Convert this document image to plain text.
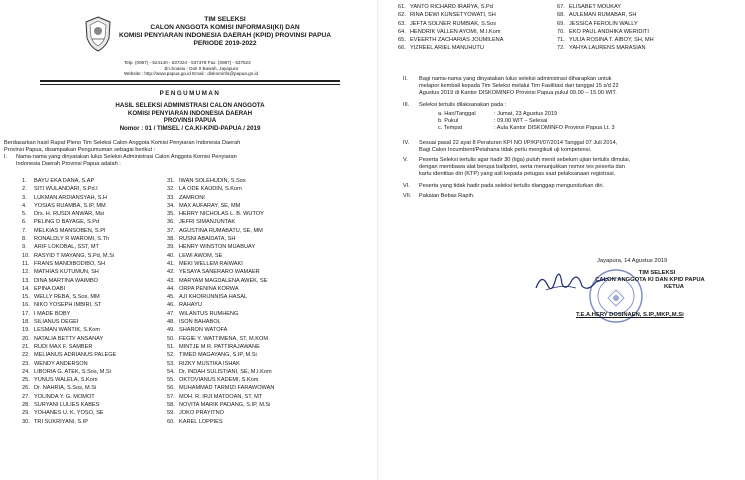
TIM SELEKSI
CALON ANGGOTA KOMISI INFORMASI(KI) DAN
KOMISI PENYIARAN INDONESIA DAERAH (KPID) PROVINSI PAPUA
PERIODE 2019-2022
Telp. (0967) - 524140 - 537324 - 537378 Fax. (0967) - 537523
Jln.Soasiu - Dok II Bawah, Jayapura
Website : http://www.papua.go.id Email : diskominfo@papua.go.id
PENGUMUMAN
HASIL SELEKSI ADMINISTRASI CALON ANGGOTA
KOMISI PENYIARAN INDONESIA DAERAH
PROVINSI PAPUA
Nomor : 01 / TIMSEL / CA.KI-KPID-PAPUA / 2019
Berdasarkan hasil Rapat Pleno Tim Seleksi Calon Anggota Komisi Penyiaran Indonesia Daerah
Provinsi Papua, disampaikan Pengumuman sebagai berikut :
I. Nama-nama yang dinyatakan lulus Seleksi Administrasi Calon Anggota Komisi Penyiaran
Indonesia Daerah Provinsi Papua adalah :
1. BAYU EKA DANA, S.AP
2. SITI WULANDARI, S.Pd.I
3. LUKMAN ARDIANSYAH, S.H
4. YOSIAS RUAMBA, S.IP, MM
5. Drs. H. RUSDI ANWAR, Msi
6. PELING D BAYAGE, S.Pd
7. MELKIAS MANSOBEN, S.PI
8. RONALDLY R WAROMI, S.Th
9. ARIF LOKOBAL, SST, MT
10. RASYID T MAYANG, S.Pd, M.Si
11. FRANS MANDIBODIBO, SH
12. MATHIAS KUTUMUN, SH
13. DINA MARTINA WAIMBO
14. EPINA DABI
15. WELLY REBA, S.Sos, MM
16. NIKO YOSEPH IMBIRI, ST
17. I MADE BOBY
18. SILIANUS DEGEI
19. LESMAN WANTIK, S.Kom
20. NATALIA BETTY ANSANAY
21. RUDI MAX F. SAMBER
22. MELIANUS ADRIANUS PALEGE
23. WENDY ANDERSON
24. LIBORIA G. ATEK, S.Sos, M.Si
25. YUNUS WALELA, S.Kom
26. Dr. NAHRIA, S.Sos, M.Si
27. YOLINDA Y. G. MOMOT
28. SURYANI LULIES KABES
29. YOHANES U. K. YOSO, SE
30. TRI SUKRIYANI, S.IP
31. IWAN SOLEHUDIN, S.Sos
32. LA ODE KAUDIN, S.Kom
33. ZAMRONI
34. MAX AUFARAY, SE, MM
35. HERRY NICHOLAS L. B. WUTOY
36. JEFRI SIMANJUNTAK
37. AGUSTINA RUMABATU, SE, MM
38. RUSNI ABAIDATA, SH
39. HENRY WINSTON MUABUAY
40. LEWI AWOM, SE
41. MEKI WELLEM RAIWAKI
42. YESAYA SANERARO WAMAER
43. MARYAM MAGDALENA AWEK, SE
44. ORPA PENINA KORWA
45. AJI KHOIRUNNISA HASAL
46. RAHAYU
47. WILANTUS RUMHENG
48. ISON BAHABOL
49. SHARON WATOFA
50. FEGIE Y. WATTIMENA, ST, M.KOM
51. MINTJE M R. PATTIRAJAWANE
52. TIMED MAGAYANG, S.IP, M.Si
53. RIZKY MUSTIKA ISHAK
54. Dr. INDAH SULISTIANI, SE, M.I.Kom
55. OKTOVIANUS KADEMI, S.Kom
56. MUHAMMAD TARMIZI FARAWOWAN
57. MOH. R. IRJI MATDOAN, ST, MT
58. NOVITA MARIK PADANG, S.IP, M.Si
59. JOKO PRAYITNO
60. KAREL LOPPIES
61. YANTO RICHARD IRARYA, S.Pd
62. RINA DEWI KUNSETYOWATI, SH
63. JEFTA SOLNER RUMBIAK, S.Sos
64. HENDRIK VALLEN AYOMI, M.I.Kom
65. EVEERTH ZACHARIAS JOUMILENA
66. YIZREEL ARIEL MANUHUTU
67. ELISABET MOUKAY
68. AULEMAN RUMABAR, SH
69. JESSICA FEROLIN WALLY
70. EKO PAUL ANDHIKA WERIDITI
71. YULIA ROSINA T. AIBOY, SH, MH
72. YAHYA LAURENS MARASIAN
II. Bagi nama-nama yang dinyatakan lulus seleksi administrasi diharapkan untuk
melapor kembali kepada Tim Seleksi melalui Tim Fasilitasi dari tanggal 15 s/d 22
Agustus 2019 di Kantor DISKOMINFO Provinsi Papua pukul 09.00 – 15.00 WIT.
III. Seleksi tertulis dilaksanakan pada :
a. Hari/Tanggal	: Jumat, 23 Agustus 2019
b. Pukul	: 09.00 WIT – Selesai
c. Tempat	: Aula Kantor DISKOMINFO Provinsi Papua Lt. 3
IV. Sesuai pasal 22 ayat 8 Peraturan KPI NO I/P/KPI/07/2014 Tanggal 07 Juli 2014,
Bagi Calon Incumbent/Petahana tidak perlu mengikuti uji kompetensi.
V. Peserta Seleksi tertulis agar hadir 30 (tiga) puluh menit sebelum ujian tertulis dimulai,
dengan membawa alat berupa ballpoint, serta menunjukkan nomor tes peserta dan
kartu identitas diri (KTP) yang asli kepada petugas saat pelaksanaan registrasi.
VI. Peserta yang tidak hadir pada seleksi tertulis dianggap mengundurkan diri.
VII. Pakaian Bebas Rapih.
Jayapura, 14 Agustus 2019
TIM SELEKSI
CALON ANGGOTA KI DAN KPID PAPUA
KETUA
T.E.A.HERY DOSINAEN, S.IP.,MKP.,M.Si
